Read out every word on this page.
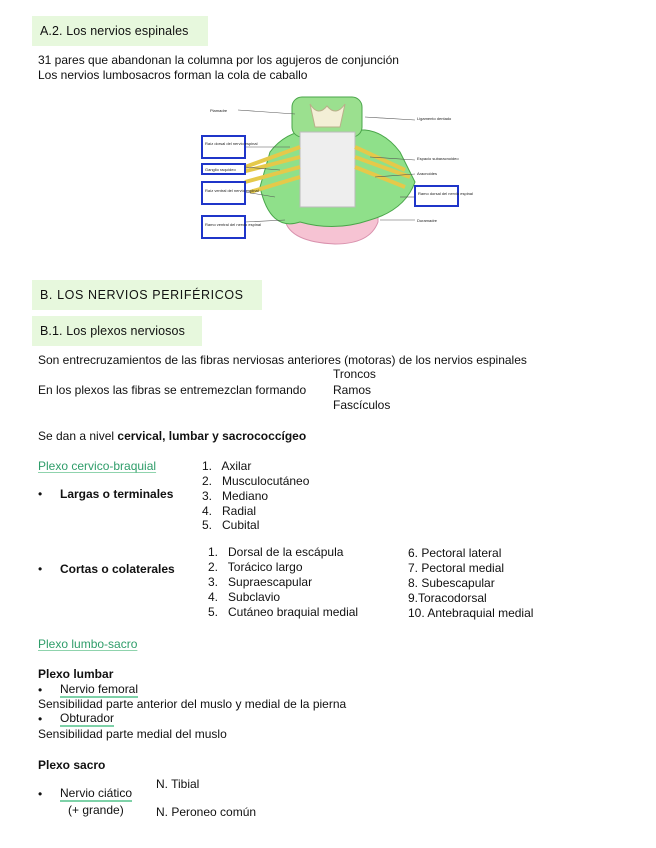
A.2. Los nervios espinales
31 pares que abandonan la columna por los agujeros de conjunción
Los nervios lumbosacros forman la cola de caballo
Piamadre
Ligamento dentado
Raíz dorsal del nervio espinal
Ganglio raquídeo
Raíz ventral del nervio espinal
Ramo ventral del nervio espinal
Espacio subaracnoideo
Aracnoides
Ramo dorsal del nervio espinal
Duramadre
B. LOS NERVIOS PERIFÉRICOS
B.1. Los plexos nerviosos
Son entrecruzamientos de las fibras nerviosas anteriores (motoras) de los nervios espinales
Troncos
En los plexos las fibras se entremezclan formando Ramos
Fascículos
Se dan a nivel cervical, lumbar y sacrococcígeo
Plexo cervico-braquial
• Largas o terminales
1.   Axilar
2.   Musculocutáneo
3.   Mediano
4.   Radial
5.   Cubital
• Cortas o colaterales
1.   Dorsal de la escápula
2.   Torácico largo
3.   Supraescapular
4.   Subclavio
5.   Cutáneo braquial medial
6. Pectoral lateral
7. Pectoral medial
8. Subescapular
9.Toracodorsal
10. Antebraquial medial
Plexo lumbo-sacro
Plexo lumbar
• Nervio femoral
Sensibilidad parte anterior del muslo y medial de la pierna
• Obturador
Sensibilidad parte medial del muslo
Plexo sacro
N. Tibial
• Nervio ciático
(+ grande)	N. Peroneo común
